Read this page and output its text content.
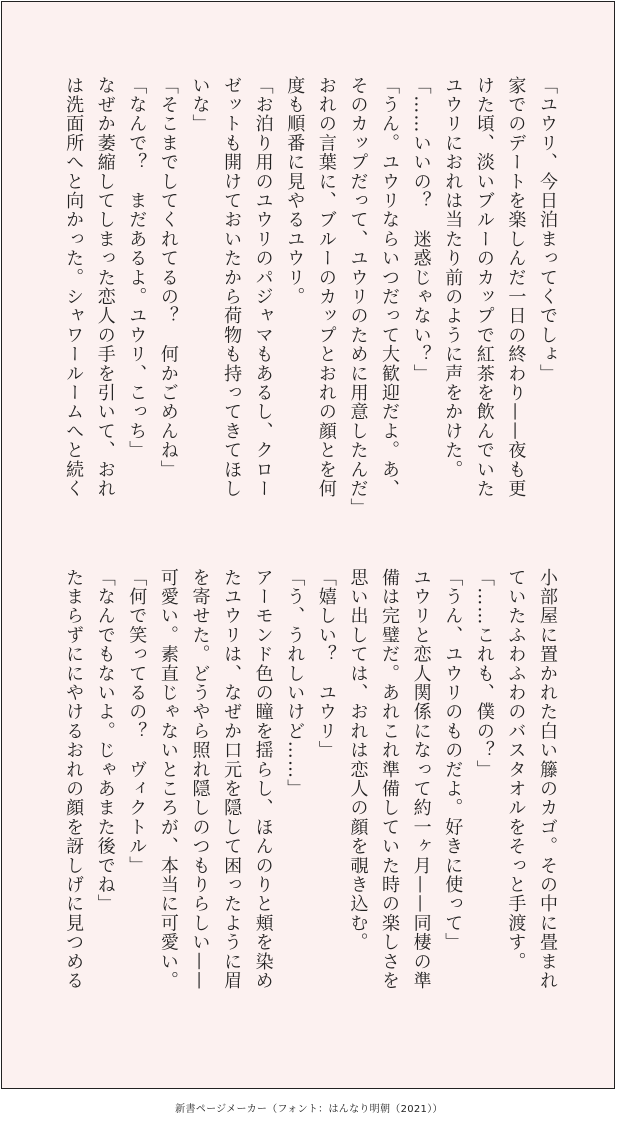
「ユウリ、今日泊まってくでしょ」
家でのデートを楽しんだ一日の終わり——夜も更
けた頃、淡いブルーのカップで紅茶を飲んでいた
ユウリにおれは当たり前のように声をかけた。
「……いいの？　迷惑じゃない？」
「うん。ユウリならいつだって大歓迎だよ。あ、
そのカップだって、ユウリのために用意したんだ」
おれの言葉に、ブルーのカップとおれの顔とを何
度も順番に見やるユウリ。
「お泊り用のユウリのパジャマもあるし、クロー
ゼットも開けておいたから荷物も持ってきてほし
いな」
「そこまでしてくれてるの？　何かごめんね」
「なんで？　まだあるよ。ユウリ、こっち」
なぜか萎縮してしまった恋人の手を引いて、おれ
は洗面所へと向かった。シャワールームへと続く
小部屋に置かれた白い籐のカゴ。その中に畳まれ
ていたふわふわのバスタオルをそっと手渡す。
「……これも、僕の？」
「うん、ユウリのものだよ。好きに使って」
ユウリと恋人関係になって約一ヶ月——同棲の準
備は完璧だ。あれこれ準備していた時の楽しさを
思い出しては、おれは恋人の顔を覗き込む。
「嬉しい？　ユウリ」
「う、うれしいけど……」
アーモンド色の瞳を揺らし、ほんのりと頬を染め
たユウリは、なぜか口元を隠して困ったように眉
を寄せた。どうやら照れ隠しのつもりらしい——
可愛い。素直じゃないところが、本当に可愛い。
「何で笑ってるの？　ヴィクトル」
「なんでもないよ。じゃあまた後でね」
たまらずににやけるおれの顔を訝しげに見つめる
新書ページメーカー（フォント：はんなり明朝（2021））
